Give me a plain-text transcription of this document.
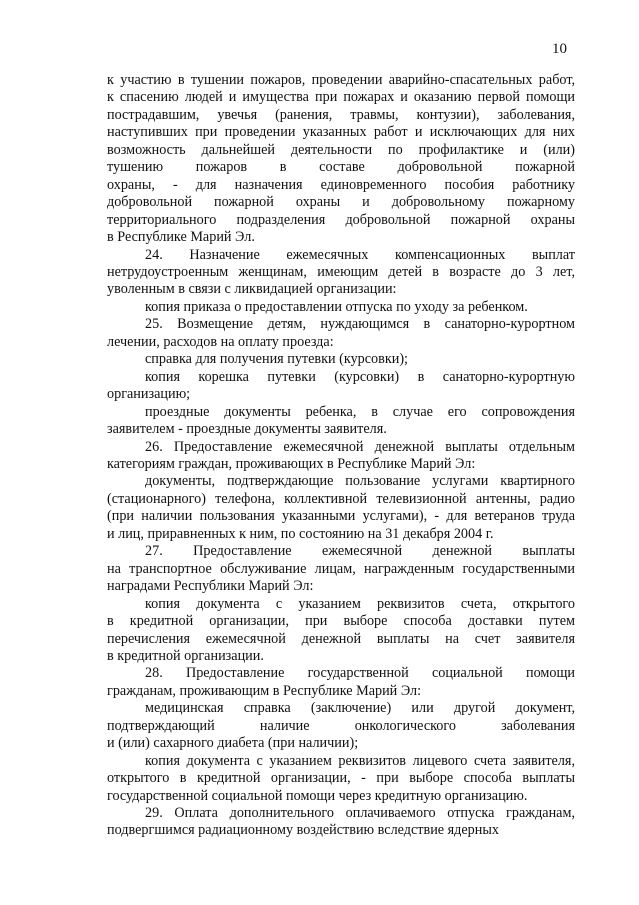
10
к участию в тушении пожаров, проведении аварийно-спасательных работ,
к спасению людей и имущества при пожарах и оказанию первой помощи
пострадавшим, увечья (ранения, травмы, контузии), заболевания,
наступивших при проведении указанных работ и исключающих для них
возможность дальнейшей деятельности по профилактике и (или)
тушению пожаров в составе добровольной пожарной
охраны, - для назначения единовременного пособия работнику
добровольной пожарной охраны и добровольному пожарному
территориального подразделения добровольной пожарной охраны
в Республике Марий Эл.
24. Назначение ежемесячных компенсационных выплат
нетрудоустроенным женщинам, имеющим детей в возрасте до 3 лет,
уволенным в связи с ликвидацией организации:
копия приказа о предоставлении отпуска по уходу за ребенком.
25. Возмещение детям, нуждающимся в санаторно-курортном
лечении, расходов на оплату проезда:
справка для получения путевки (курсовки);
копия корешка путевки (курсовки) в санаторно-курортную
организацию;
проездные документы ребенка, в случае его сопровождения
заявителем - проездные документы заявителя.
26. Предоставление ежемесячной денежной выплаты отдельным
категориям граждан, проживающих в Республике Марий Эл:
документы, подтверждающие пользование услугами квартирного
(стационарного) телефона, коллективной телевизионной антенны, радио
(при наличии пользования указанными услугами), - для ветеранов труда
и лиц, приравненных к ним, по состоянию на 31 декабря 2004 г.
27. Предоставление ежемесячной денежной выплаты
на транспортное обслуживание лицам, награжденным государственными
наградами Республики Марий Эл:
копия документа с указанием реквизитов счета, открытого
в кредитной организации, при выборе способа доставки путем
перечисления ежемесячной денежной выплаты на счет заявителя
в кредитной организации.
28. Предоставление государственной социальной помощи
гражданам, проживающим в Республике Марий Эл:
медицинская справка (заключение) или другой документ,
подтверждающий наличие онкологического заболевания
и (или) сахарного диабета (при наличии);
копия документа с указанием реквизитов лицевого счета заявителя,
открытого в кредитной организации, - при выборе способа выплаты
государственной социальной помощи через кредитную организацию.
29. Оплата дополнительного оплачиваемого отпуска гражданам,
подвергшимся радиационному воздействию вследствие ядерных
